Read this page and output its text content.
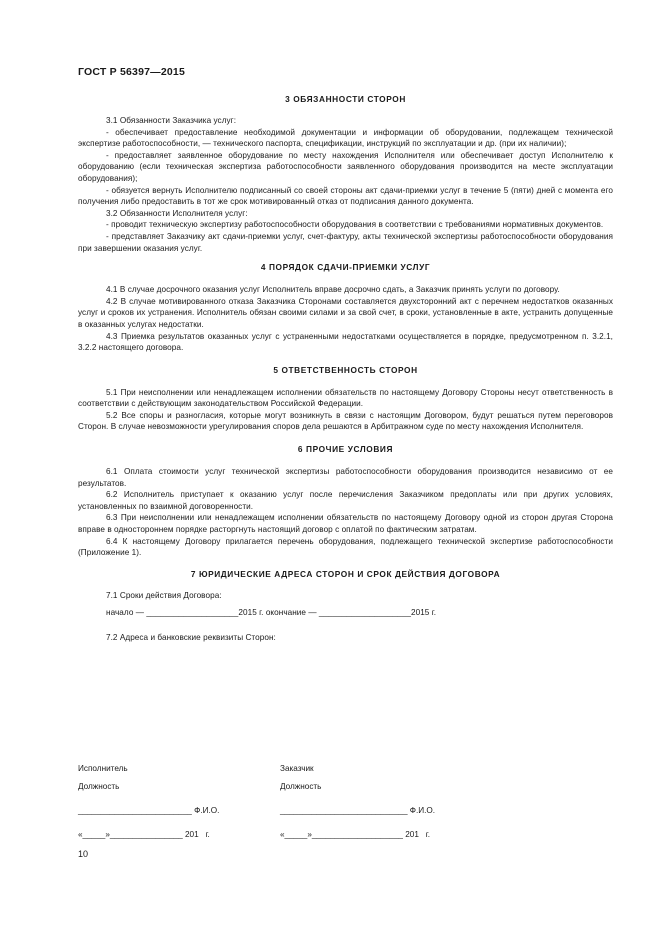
ГОСТ Р 56397—2015
3 ОБЯЗАННОСТИ СТОРОН

3.1 Обязанности Заказчика услуг:

- обеспечивает предоставление необходимой документации и информации об оборудовании, подлежащем технической экспертизе работоспособности, — технического паспорта, спецификации, инструкций по эксплуатации и др. (при их наличии);

- предоставляет заявленное оборудование по месту нахождения Исполнителя или обеспечивает доступ Исполнителю к оборудованию (если техническая экспертиза работоспособности заявленного оборудования производится на месте эксплуатации оборудования);

- обязуется вернуть Исполнителю подписанный со своей стороны акт сдачи-приемки услуг в течение 5 (пяти) дней с момента его получения либо предоставить в тот же срок мотивированный отказ от подписания данного документа.

3.2 Обязанности Исполнителя услуг:

- проводит техническую экспертизу работоспособности оборудования в соответствии с требованиями нормативных документов.

- представляет Заказчику акт сдачи-приемки услуг, счет-фактуру, акты технической экспертизы работоспособности оборудования при завершении оказания услуг.

4 ПОРЯДОК СДАЧИ-ПРИЕМКИ УСЛУГ

4.1 В случае досрочного оказания услуг Исполнитель вправе досрочно сдать, а Заказчик принять услуги по договору.

4.2 В случае мотивированного отказа Заказчика Сторонами составляется двухсторонний акт с перечнем недостатков оказанных услуг и сроков их устранения. Исполнитель обязан своими силами и за свой счет, в сроки, установленные в акте, устранить допущенные в оказанных услугах недостатки.

4.3 Приемка результатов оказанных услуг с устраненными недостатками осуществляется в порядке, предусмотренном п. 3.2.1, 3.2.2 настоящего договора.

5 ОТВЕТСТВЕННОСТЬ СТОРОН

5.1 При неисполнении или ненадлежащем исполнении обязательств по настоящему Договору Стороны несут ответственность в соответствии с действующим законодательством Российской Федерации.

5.2 Все споры и разногласия, которые могут возникнуть в связи с настоящим Договором, будут решаться путем переговоров Сторон. В случае невозможности урегулирования споров дела решаются в Арбитражном суде по месту нахождения Исполнителя.

6 ПРОЧИЕ УСЛОВИЯ

6.1 Оплата стоимости услуг технической экспертизы работоспособности оборудования производится независимо от ее результатов.

6.2 Исполнитель приступает к оказанию услуг после перечисления Заказчиком предоплаты или при других условиях, установленных по взаимной договоренности.

6.3 При неисполнении или ненадлежащем исполнении обязательств по настоящему Договору одной из сторон другая Сторона вправе в одностороннем порядке расторгнуть настоящий договор с оплатой по фактическим затратам.

6.4 К настоящему Договору прилагается перечень оборудования, подлежащего технической экспертизе работоспособности (Приложение 1).

7 ЮРИДИЧЕСКИЕ АДРЕСА СТОРОН И СРОК ДЕЙСТВИЯ ДОГОВОРА

7.1 Сроки действия Договора:

начало — ____________________2015 г. окончание — ____________________2015 г.

7.2 Адреса и банковские реквизиты Сторон:

Исполнитель	Заказчик
Должность	Должность
_________________________ Ф.И.О.	____________________________ Ф.И.О.
«_____»________________ 201   г.	«_____»____________________ 201   г.
10
